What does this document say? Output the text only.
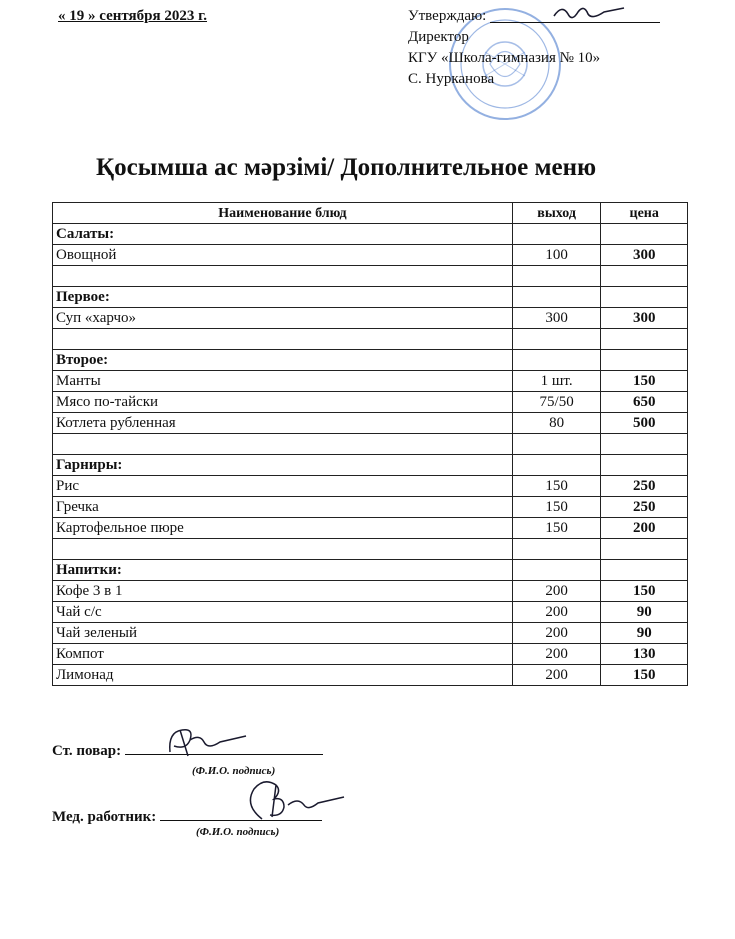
« 19 » сентября 2023 г.	Утверждаю:
Директор
КГУ «Школа-гимназия № 10»
С. Нурканова
Қосымша ас мәрзімі/ Дополнительное меню
Наименование блюд	выход	цена
Салаты:		
Овощной	100	300

Первое:		
Суп «харчо»	300	300

Второе:		
Манты	1 шт.	150
Мясо по-тайски	75/50	650
Котлета рубленная	80	500

Гарниры:		
Рис	150	250
Гречка	150	250
Картофельное пюре	150	200

Напитки:		
Кофе 3 в 1	200	150
Чай с/с	200	90
Чай зеленый	200	90
Компот	200	130
Лимонад	200	150
Ст. повар:
(Ф.И.О. подпись)
Мед. работник:
(Ф.И.О. подпись)
